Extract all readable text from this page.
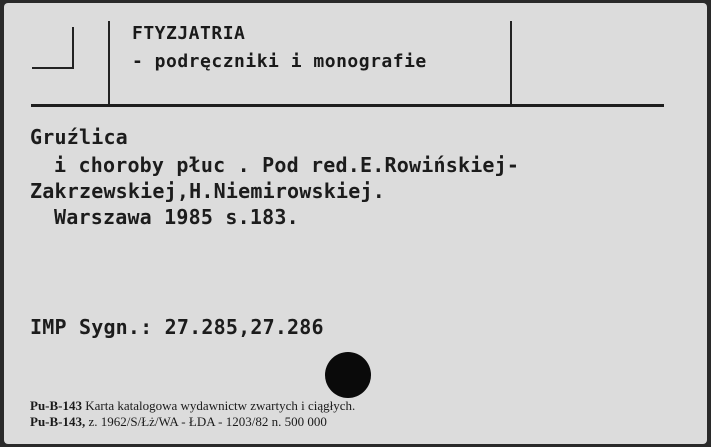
FTYZJATRIA
- podręczniki i monografie
Gruźlica
i choroby płuc . Pod red.E.Rowińskiej-
Zakrzewskiej,H.Niemirowskiej.
Warszawa 1985 s.183.
IMP Sygn.: 27.285,27.286
Pu-B-143 Karta katalogowa wydawnictw zwartych i ciągłych.
Pu-B-143, z. 1962/S/Łż/WA - ŁDA - 1203/82 n. 500 000
